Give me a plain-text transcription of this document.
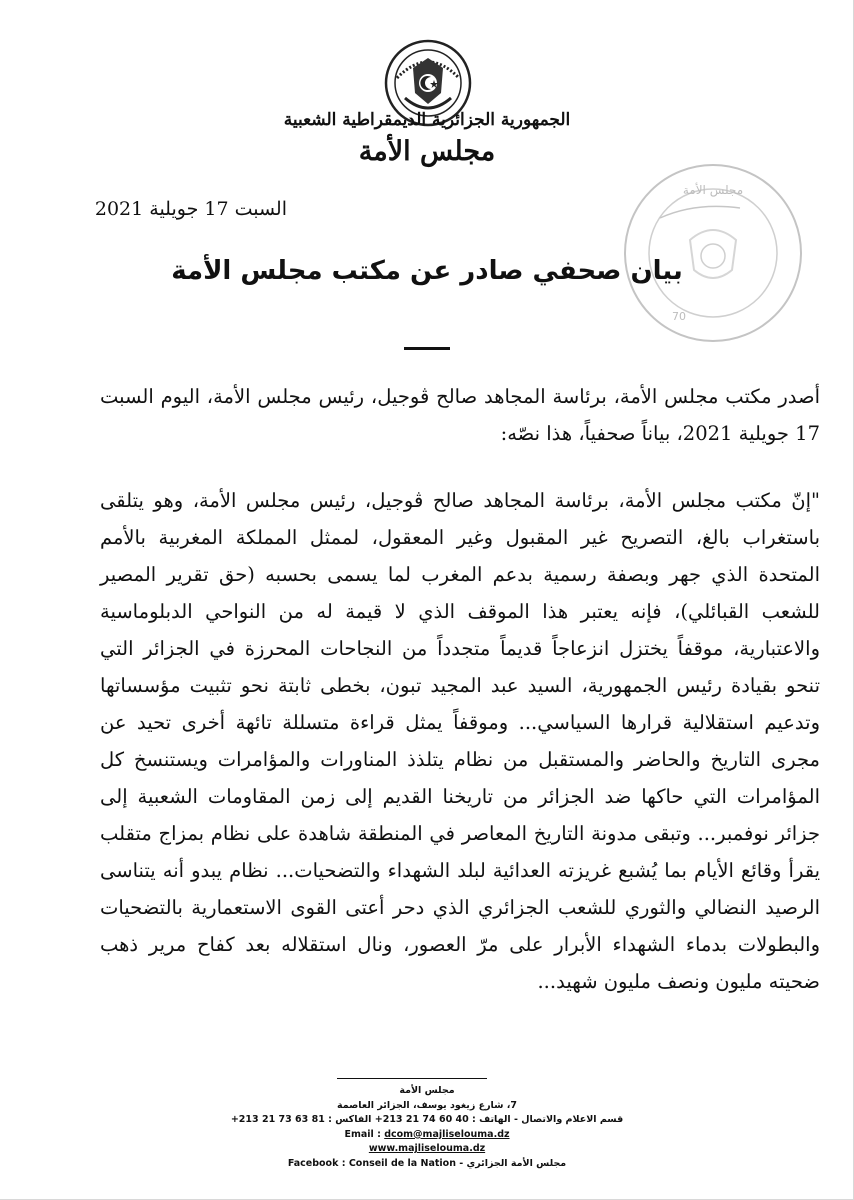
الجمهورية الجزائرية الديمقراطية الشعبية
مجلس الأمة
السبت 17 جويلية 2021
مجلس الأمة
70
بيان صحفي صادر عن مكتب مجلس الأمة

أصدر مكتب مجلس الأمة، برئاسة المجاهد صالح ڤوجيل، رئيس مجلس الأمة، اليوم السبت 17 جويلية 2021، بياناً صحفياً، هذا نصّه:

"إنّ مكتب مجلس الأمة، برئاسة المجاهد صالح ڤوجيل، رئيس مجلس الأمة، وهو يتلقى باستغراب بالغ، التصريح غير المقبول وغير المعقول، لممثل المملكة المغربية بالأمم المتحدة الذي جهر وبصفة رسمية بدعم المغرب لما يسمى بحسبه (حق تقرير المصير للشعب القبائلي)، فإنه يعتبر هذا الموقف الذي لا قيمة له من النواحي الدبلوماسية والاعتبارية، موقفاً يختزل انزعاجاً قديماً متجدداً من النجاحات المحرزة في الجزائر التي تنحو بقيادة رئيس الجمهورية، السيد عبد المجيد تبون، بخطى ثابتة نحو تثبيت مؤسساتها وتدعيم استقلالية قرارها السياسي... وموقفاً يمثل قراءة متسللة تائهة أخرى تحيد عن مجرى التاريخ والحاضر والمستقبل من نظام يتلذذ المناورات والمؤامرات ويستنسخ كل المؤامرات التي حاكها ضد الجزائر من تاريخنا القديم إلى زمن المقاومات الشعبية إلى جزائر نوفمبر... وتبقى مدونة التاريخ المعاصر في المنطقة شاهدة على نظام بمزاج متقلب يقرأ وقائع الأيام بما يُشبع غريزته العدائية لبلد الشهداء والتضحيات... نظام يبدو أنه يتناسى الرصيد النضالي والثوري للشعب الجزائري الذي دحر أعتى القوى الاستعمارية بالتضحيات والبطولات بدماء الشهداء الأبرار على مرّ العصور، ونال استقلاله بعد كفاح مرير ذهب ضحيته مليون ونصف مليون شهيد...

مجلس الأمة
7، شارع زيغود يوسف، الجزائر العاصمة
قسم الاعلام والاتصال - الهاتف : 40 60 74 21 213+ الفاكس : 81 63 73 21 213+
Email : dcom@majliselouma.dz
www.majliselouma.dz
Facebook : Conseil de la Nation - مجلس الأمة الجزائري
